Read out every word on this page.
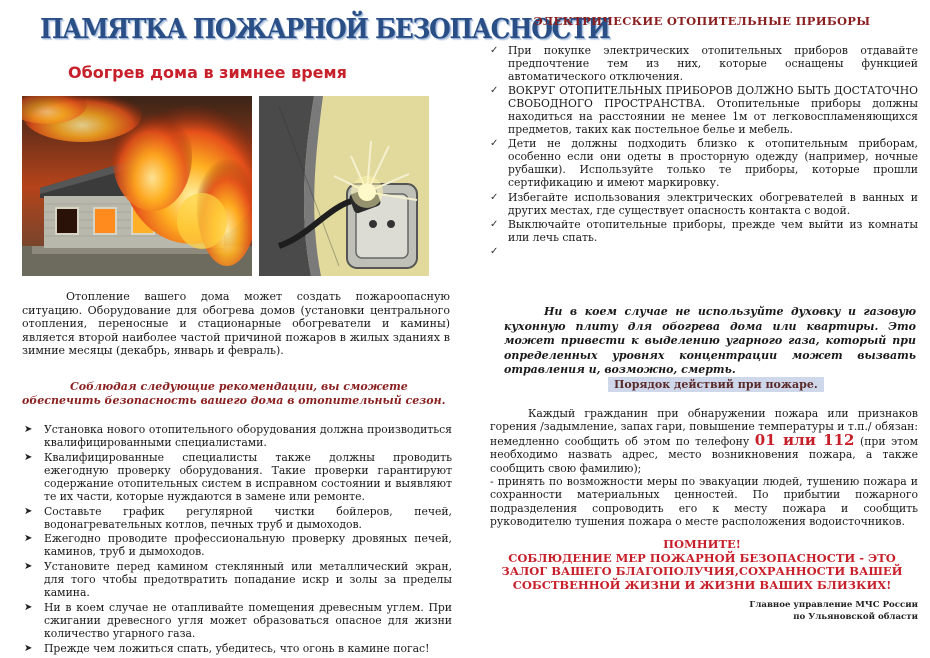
ПАМЯТКА ПОЖАРНОЙ БЕЗОПАСНОСТИ
Обогрев дома в зимнее время

Отопление вашего дома может создать пожароопасную ситуацию. Оборудование для обогрева домов (установки центрального отопления, переносные и стационарные обогреватели и камины) является второй наиболее частой причиной пожаров в жилых зданиях в зимние месяцы (декабрь, январь и февраль).

Соблюдая следующие рекомендации, вы сможете обеспечить безопасность вашего дома в отопительный сезон.

➤ Установка нового отопительного оборудования должна производиться квалифицированными специалистами.
➤ Квалифицированные специалисты также должны проводить ежегодную проверку оборудования. Такие проверки гарантируют содержание отопительных систем в исправном состоянии и выявляют те их части, которые нуждаются в замене или ремонте.
➤ Составьте график регулярной чистки бойлеров, печей, водонагревательных котлов, печных труб и дымоходов.
➤ Ежегодно проводите профессиональную проверку дровяных печей, каминов, труб и дымоходов.
➤ Установите перед камином стеклянный или металлический экран, для того чтобы предотвратить попадание искр и золы за пределы камина.
➤ Ни в коем случае не отапливайте помещения древесным углем. При сжигании древесного угля может образоваться опасное для жизни количество угарного газа.
➤ Прежде чем ложиться спать, убедитесь, что огонь в камине погас!
ЭЛЕКТРИЧЕСКИЕ ОТОПИТЕЛЬНЫЕ ПРИБОРЫ
✓ При покупке электрических отопительных приборов отдавайте предпочтение тем из них, которые оснащены функцией автоматического отключения.
✓ ВОКРУГ ОТОПИТЕЛЬНЫХ ПРИБОРОВ ДОЛЖНО БЫТЬ ДОСТАТОЧНО СВОБОДНОГО ПРОСТРАНСТВА. Отопительные приборы должны находиться на расстоянии не менее 1м от легковоспламеняющихся предметов, таких как постельное белье и мебель.
✓ Дети не должны подходить близко к отопительным приборам, особенно если они одеты в просторную одежду (например, ночные рубашки). Используйте только те приборы, которые прошли сертификацию и имеют маркировку.
✓ Избегайте использования электрических обогревателей в ванных и других местах, где существует опасность контакта с водой.
✓ Выключайте отопительные приборы, прежде чем выйти из комнаты или лечь спать.
✓

Ни в коем случае не используйте духовку и газовую кухонную плиту для обогрева дома или квартиры. Это может привести к выделению угарного газа, который при определенных уровнях концентрации может вызвать отравления и, возможно, смерть.

Порядок действий при пожаре.

Каждый гражданин при обнаружении пожара или признаков горения /задымление, запах гари, повышение температуры и т.п./ обязан: немедленно сообщить об этом по телефону 01 или 112 (при этом необходимо назвать адрес, место возникновения пожара, а также сообщить свою фамилию);
- принять по возможности меры по эвакуации людей, тушению пожара и сохранности материальных ценностей. По прибытии пожарного подразделения сопроводить его к месту пожара и сообщить руководителю тушения пожара о месте расположения водоисточников.

ПОМНИТЕ!
СОБЛЮДЕНИЕ МЕР ПОЖАРНОЙ БЕЗОПАСНОСТИ - ЭТО ЗАЛОГ ВАШЕГО БЛАГОПОЛУЧИЯ,СОХРАННОСТИ ВАШЕЙ СОБСТВЕННОЙ ЖИЗНИ И ЖИЗНИ ВАШИХ БЛИЗКИХ!
Главное управление МЧС России
по Ульяновской области
